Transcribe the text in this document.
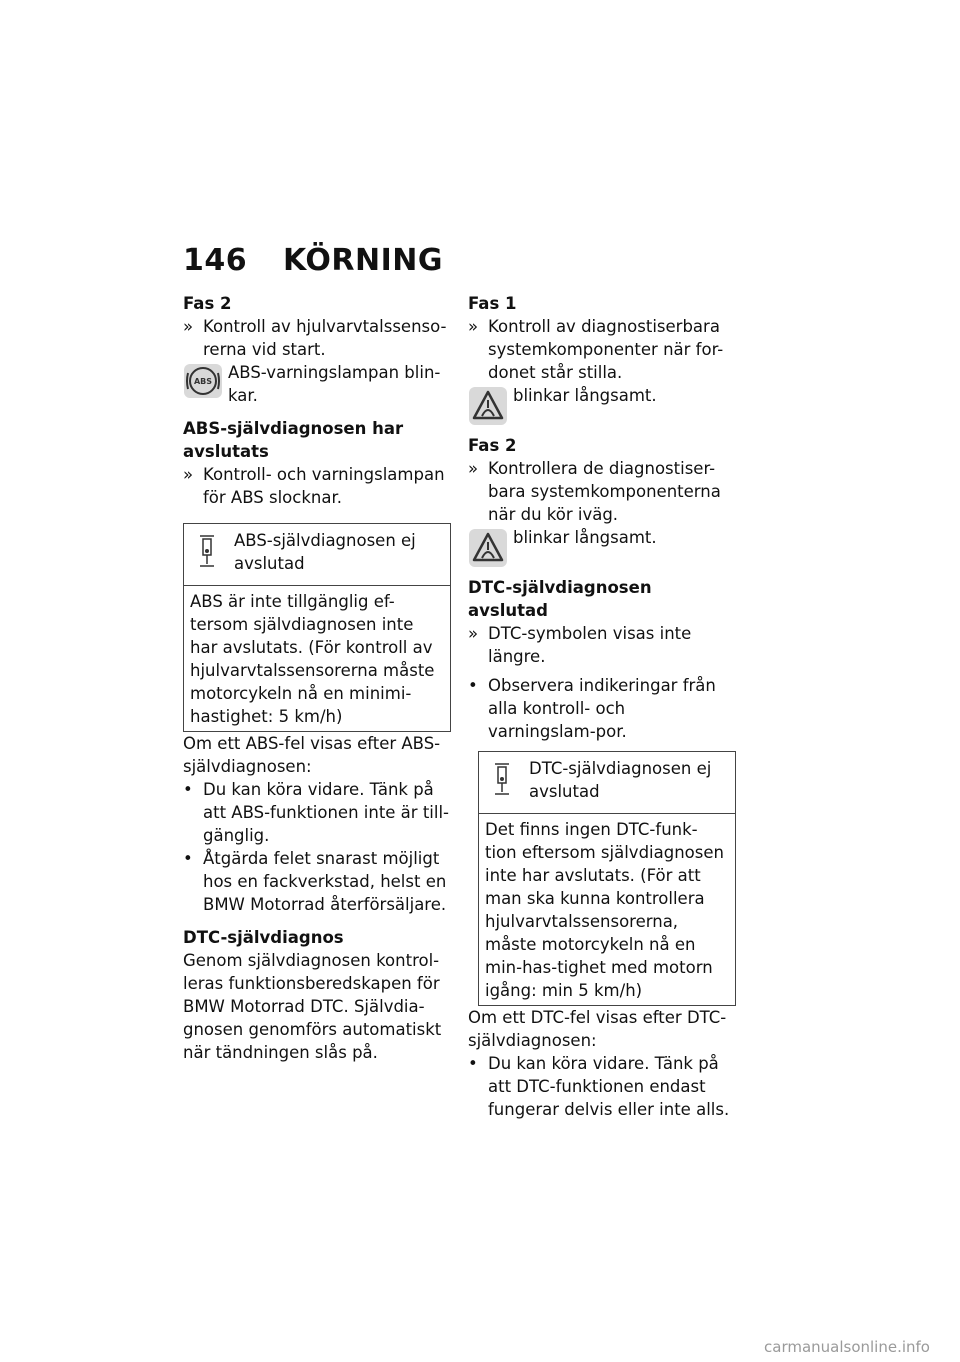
146 KÖRNING

Fas 2

» Kontroll av hjulvarvtalssenso-rerna vid start.
ABS ABS-varningslampan blin-kar.

ABS-självdiagnosen har avslutats

» Kontroll- och varningslampan för ABS slocknar.
ABS-självdiagnosen ej avslutad
ABS är inte tillgänglig ef-tersom självdiagnosen inte har avslutats. (För kontroll av hjulvarvtalssensorerna måste motorcykeln nå en minimi-hastighet: 5 km/h)

Om ett ABS-fel visas efter ABS-självdiagnosen:

• Du kan köra vidare. Tänk på att ABS-funktionen inte är till-gänglig.
• Åtgärda felet snarast möjligt hos en fackverkstad, helst en BMW Motorrad återförsäljare.

DTC-självdiagnos

Genom självdiagnosen kontrol-leras funktionsberedskapen för BMW Motorrad DTC. Självdia-gnosen genomförs automatiskt när tändningen slås på.

Fas 1

» Kontroll av diagnostiserbara systemkomponenter när for-donet står stilla.
blinkar långsamt.

Fas 2

» Kontrollera de diagnostiser-bara systemkomponenterna när du kör iväg.
blinkar långsamt.

DTC-självdiagnosen avslutad

» DTC-symbolen visas inte längre.
• Observera indikeringar från alla kontroll- och varningslam-por.
DTC-självdiagnosen ej avslutad
Det finns ingen DTC-funk-tion eftersom självdiagnosen inte har avslutats. (För att man ska kunna kontrollera hjulvarvtalssensorerna, måste motorcykeln nå en min-has-tighet med motorn igång: min 5 km/h)

Om ett DTC-fel visas efter DTC-självdiagnosen:

• Du kan köra vidare. Tänk på att DTC-funktionen endast fungerar delvis eller inte alls.
carmanualsonline.info
